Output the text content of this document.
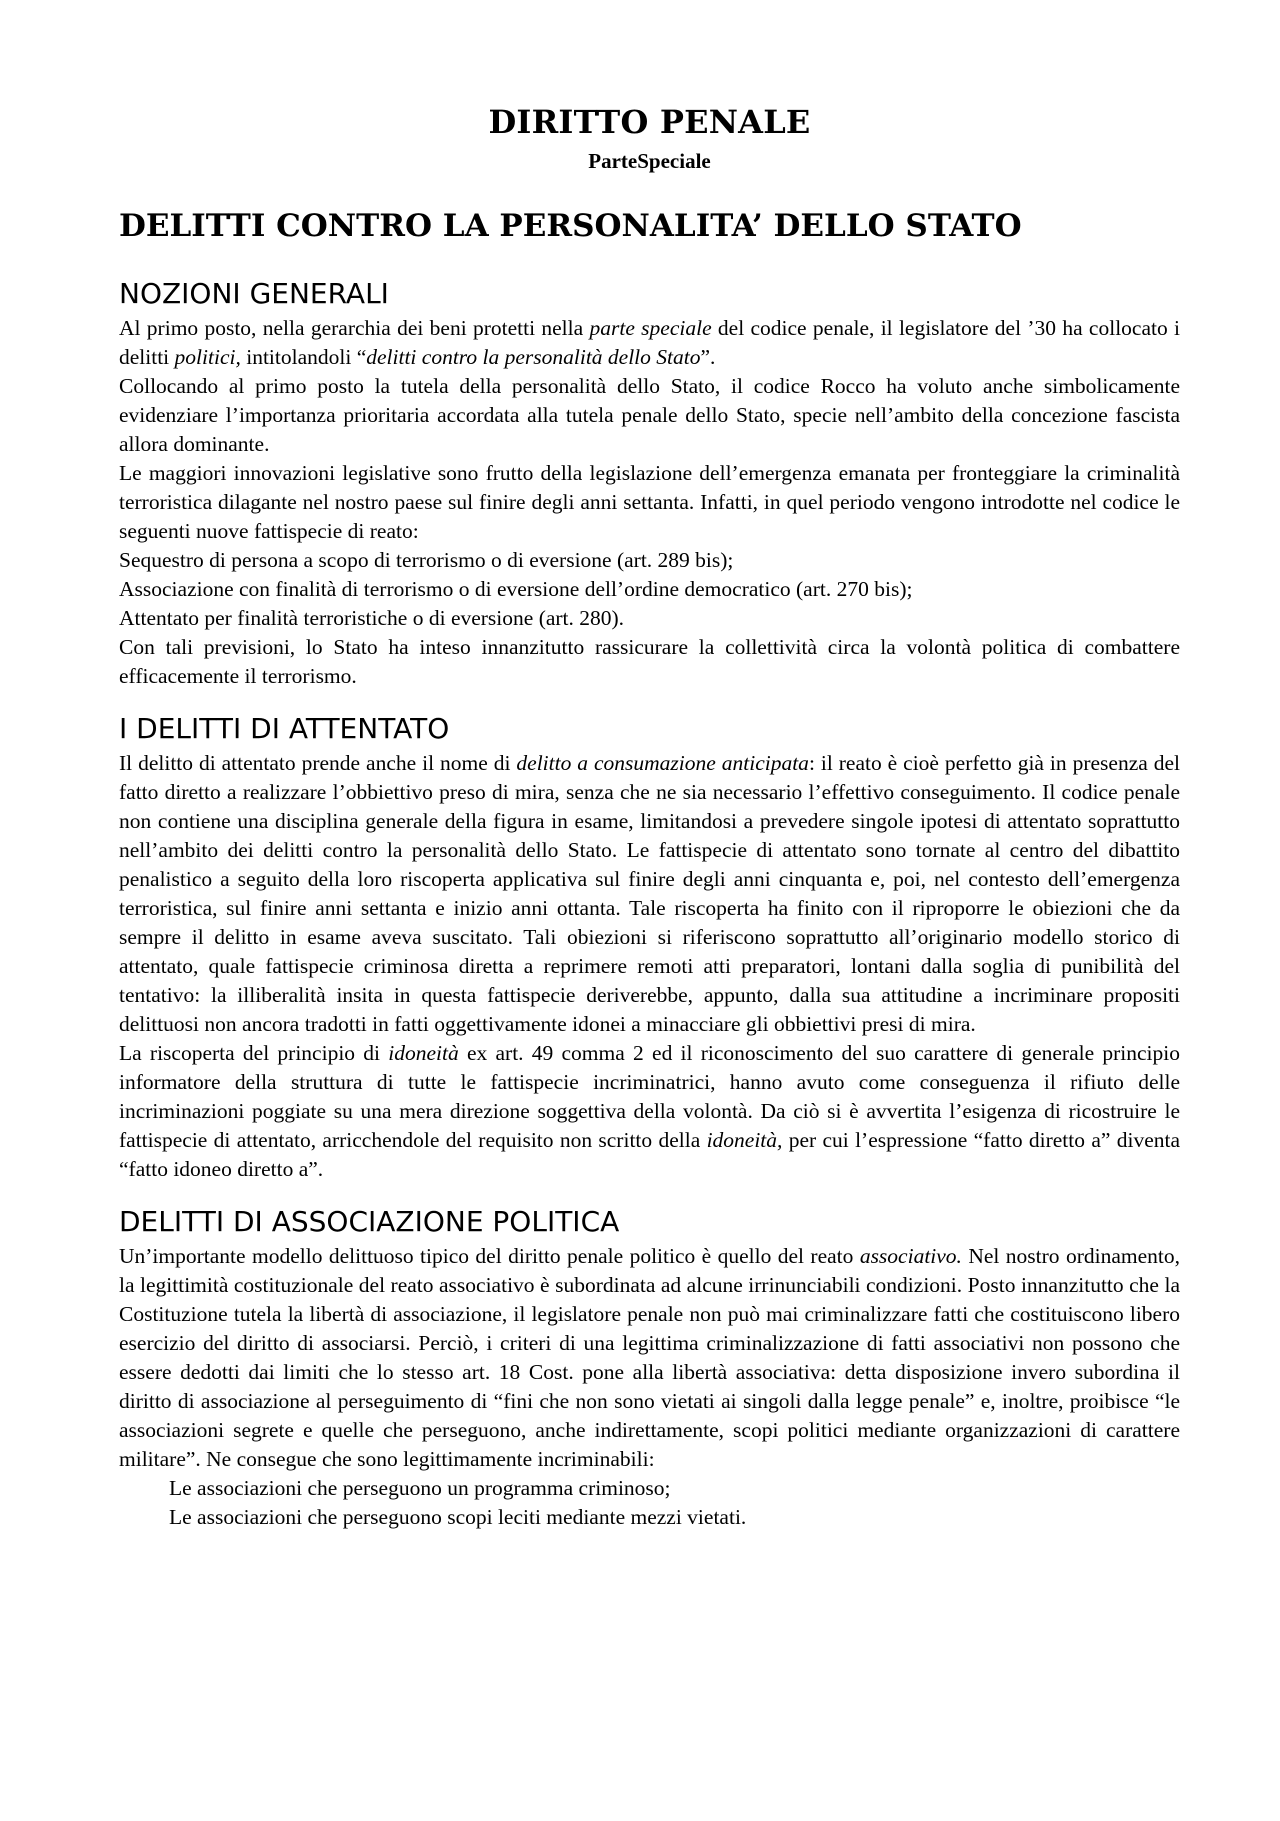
DIRITTO PENALE
ParteSpeciale
DELITTI CONTRO LA PERSONALITA’ DELLO STATO
NOZIONI GENERALI

Al primo posto, nella gerarchia dei beni protetti nella parte speciale del codice penale, il legislatore del ’30 ha collocato i delitti politici, intitolandoli “delitti contro la personalità dello Stato”.

Collocando al primo posto la tutela della personalità dello Stato, il codice Rocco ha voluto anche simbolicamente evidenziare l’importanza prioritaria accordata alla tutela penale dello Stato, specie nell’ambito della concezione fascista allora dominante.

Le maggiori innovazioni legislative sono frutto della legislazione dell’emergenza emanata per fronteggiare la criminalità terroristica dilagante nel nostro paese sul finire degli anni settanta. Infatti, in quel periodo vengono introdotte nel codice le seguenti nuove fattispecie di reato:

Sequestro di persona a scopo di terrorismo o di eversione (art. 289 bis);

Associazione con finalità di terrorismo o di eversione dell’ordine democratico (art. 270 bis);

Attentato per finalità terroristiche o di eversione (art. 280).

Con tali previsioni, lo Stato ha inteso innanzitutto rassicurare la collettività circa la volontà politica di combattere efficacemente il terrorismo.

I DELITTI DI ATTENTATO

Il delitto di attentato prende anche il nome di delitto a consumazione anticipata: il reato è cioè perfetto già in presenza del fatto diretto a realizzare l’obbiettivo preso di mira, senza che ne sia necessario l’effettivo conseguimento. Il codice penale non contiene una disciplina generale della figura in esame, limitandosi a prevedere singole ipotesi di attentato soprattutto nell’ambito dei delitti contro la personalità dello Stato. Le fattispecie di attentato sono tornate al centro del dibattito penalistico a seguito della loro riscoperta applicativa sul finire degli anni cinquanta e, poi, nel contesto dell’emergenza terroristica, sul finire anni settanta e inizio anni ottanta. Tale riscoperta ha finito con il riproporre le obiezioni che da sempre il delitto in esame aveva suscitato. Tali obiezioni si riferiscono soprattutto all’originario modello storico di attentato, quale fattispecie criminosa diretta a reprimere remoti atti preparatori, lontani dalla soglia di punibilità del tentativo: la illiberalità insita in questa fattispecie deriverebbe, appunto, dalla sua attitudine a incriminare propositi delittuosi non ancora tradotti in fatti oggettivamente idonei a minacciare gli obbiettivi presi di mira.

La riscoperta del principio di idoneità ex art. 49 comma 2 ed il riconoscimento del suo carattere di generale principio informatore della struttura di tutte le fattispecie incriminatrici, hanno avuto come conseguenza il rifiuto delle incriminazioni poggiate su una mera direzione soggettiva della volontà. Da ciò si è avvertita l’esigenza di ricostruire le fattispecie di attentato, arricchendole del requisito non scritto della idoneità, per cui l’espressione “fatto diretto a” diventa “fatto idoneo diretto a”.

DELITTI DI ASSOCIAZIONE POLITICA

Un’importante modello delittuoso tipico del diritto penale politico è quello del reato associativo. Nel nostro ordinamento, la legittimità costituzionale del reato associativo è subordinata ad alcune irrinunciabili condizioni. Posto innanzitutto che la Costituzione tutela la libertà di associazione, il legislatore penale non può mai criminalizzare fatti che costituiscono libero esercizio del diritto di associarsi. Perciò, i criteri di una legittima criminalizzazione di fatti associativi non possono che essere dedotti dai limiti che lo stesso art. 18 Cost. pone alla libertà associativa: detta disposizione invero subordina il diritto di associazione al perseguimento di “fini che non sono vietati ai singoli dalla legge penale” e, inoltre, proibisce “le associazioni segrete e quelle che perseguono, anche indirettamente, scopi politici mediante organizzazioni di carattere militare”. Ne consegue che sono legittimamente incriminabili:

Le associazioni che perseguono un programma criminoso;

Le associazioni che perseguono scopi leciti mediante mezzi vietati.
